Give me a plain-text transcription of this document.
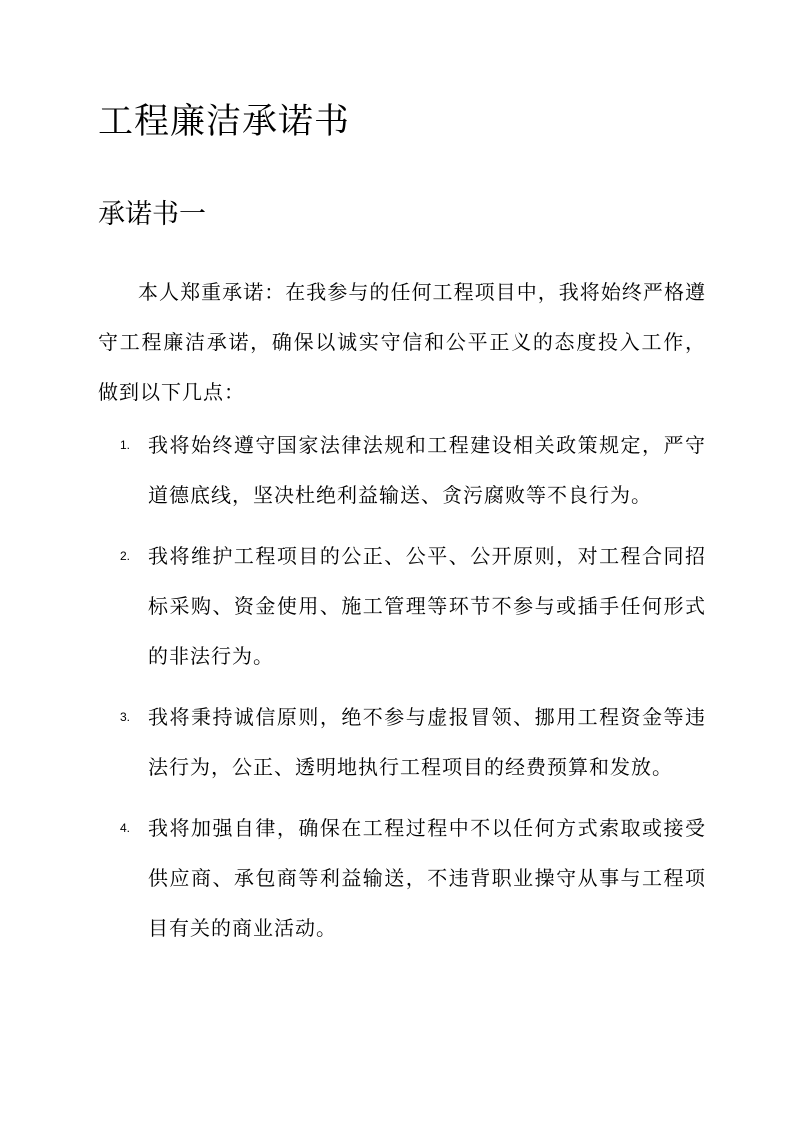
工程廉洁承诺书
承诺书一

本人郑重承诺：在我参与的任何工程项目中，我将始终严格遵守工程廉洁承诺，确保以诚实守信和公平正义的态度投入工作，做到以下几点：

1. 我将始终遵守国家法律法规和工程建设相关政策规定，严守道德底线，坚决杜绝利益输送、贪污腐败等不良行为。
2. 我将维护工程项目的公正、公平、公开原则，对工程合同招标采购、资金使用、施工管理等环节不参与或插手任何形式的非法行为。
3. 我将秉持诚信原则，绝不参与虚报冒领、挪用工程资金等违法行为，公正、透明地执行工程项目的经费预算和发放。
4. 我将加强自律，确保在工程过程中不以任何方式索取或接受供应商、承包商等利益输送，不违背职业操守从事与工程项目有关的商业活动。
